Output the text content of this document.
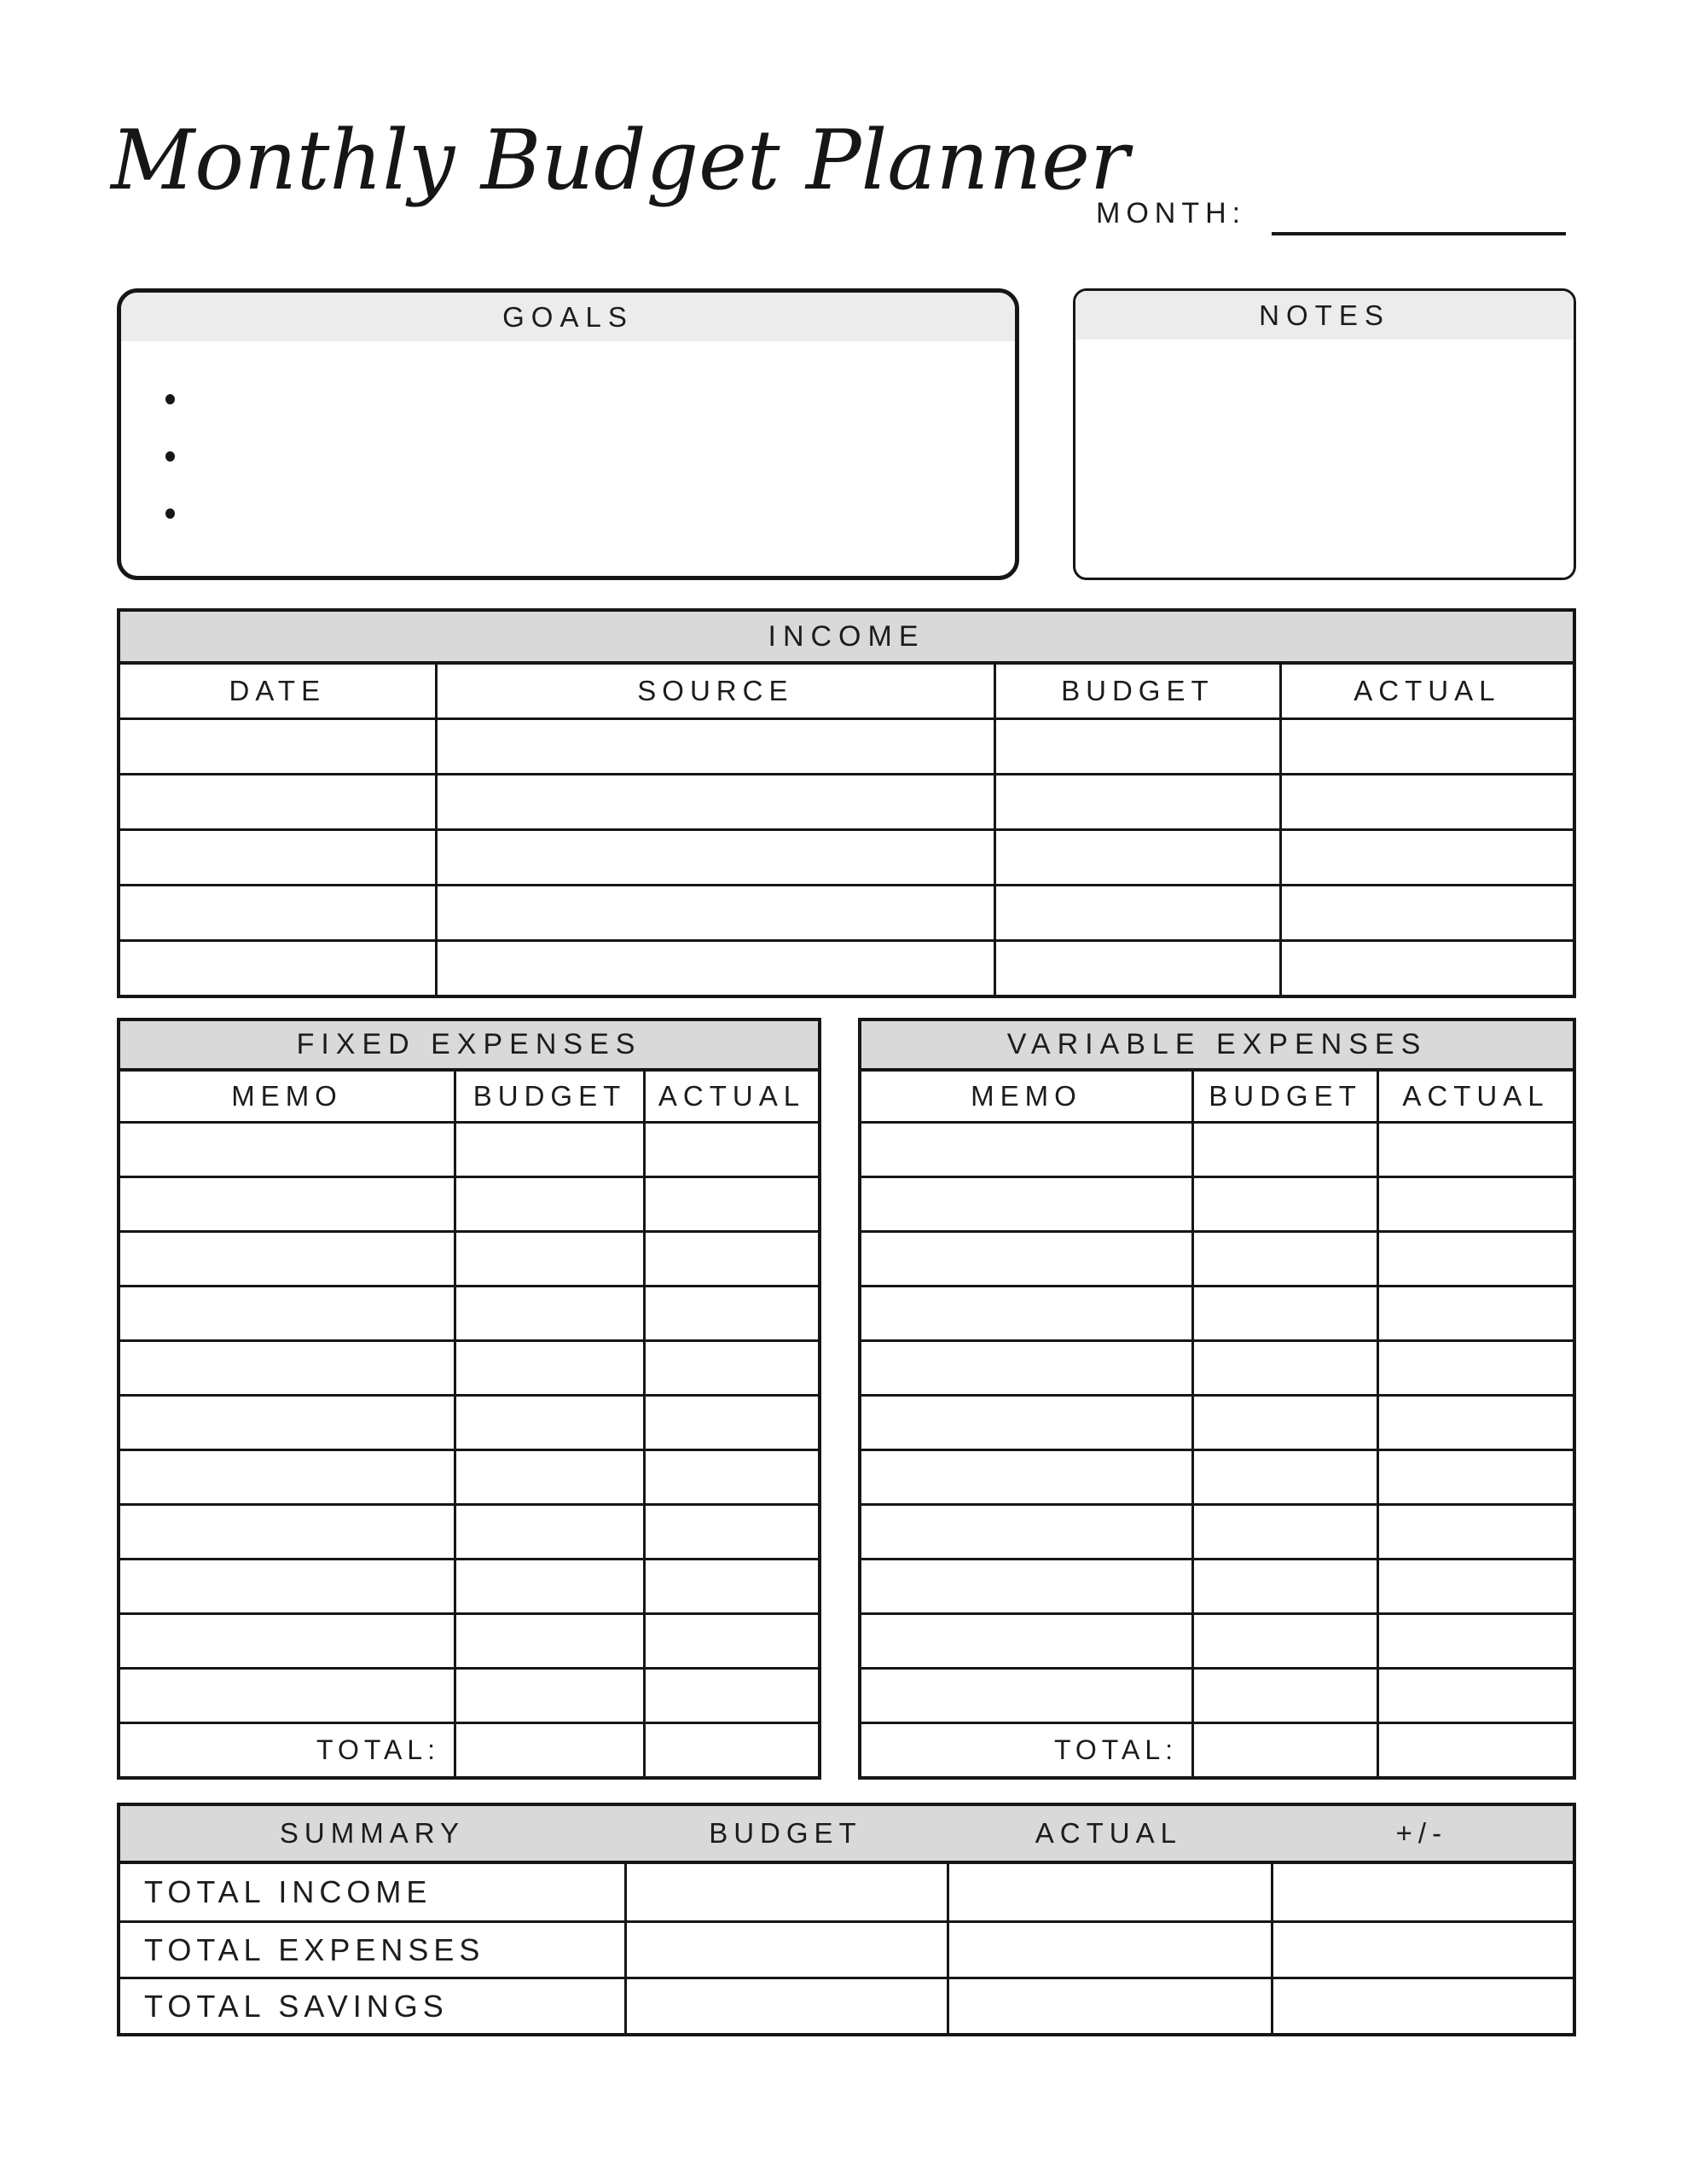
Monthly Budget Planner
MONTH:
GOALS	NOTES
INCOME			
DATE	SOURCE	BUDGET	ACTUAL

FIXED EXPENSES		
MEMO	BUDGET	ACTUAL

TOTAL:		
VARIABLE EXPENSES		
MEMO	BUDGET	ACTUAL

TOTAL:		
SUMMARY	BUDGET	ACTUAL	+/-
TOTAL INCOME
TOTAL EXPENSES
TOTAL SAVINGS
